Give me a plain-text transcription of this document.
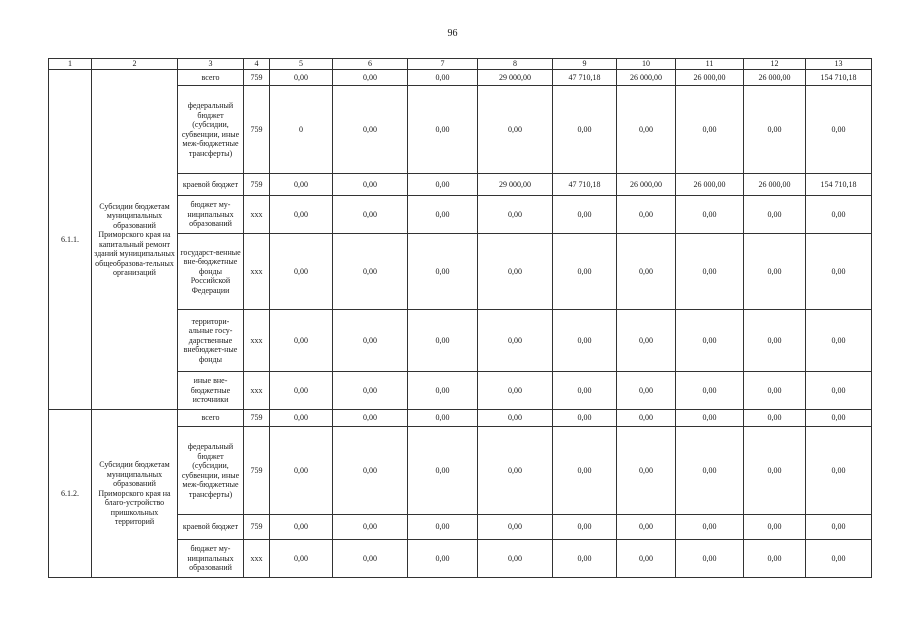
96
1	2	3	4	5	6	7	8	9	10	11	12	13
6.1.1.	Субсидии бюджетам муниципальных образований Приморского края на капитальный ремонт зданий муниципальных общеобразова-тельных организаций	всего	759	0,00	0,00	0,00	29 000,00	47 710,18	26 000,00	26 000,00	26 000,00	154 710,18
		федеральный бюджет (субсидии, субвенции, иные меж-бюджетные трансферты)	759	0	0,00	0,00	0,00	0,00	0,00	0,00	0,00	0,00
		краевой бюджет	759	0,00	0,00	0,00	29 000,00	47 710,18	26 000,00	26 000,00	26 000,00	154 710,18
		бюджет му-ниципальных образований	ххх	0,00	0,00	0,00	0,00	0,00	0,00	0,00	0,00	0,00
		государст-венные вне-бюджетные фонды Российской Федерации	ххх	0,00	0,00	0,00	0,00	0,00	0,00	0,00	0,00	0,00
		территори-альные госу-дарственные внебюджет-ные фонды	ххх	0,00	0,00	0,00	0,00	0,00	0,00	0,00	0,00	0,00
		иные вне-бюджетные источники	ххх	0,00	0,00	0,00	0,00	0,00	0,00	0,00	0,00	0,00
6.1.2.	Субсидии бюджетам муниципальных образований Приморского края на благо-устройство пришкольных территорий	всего	759	0,00	0,00	0,00	0,00	0,00	0,00	0,00	0,00	0,00
		федеральный бюджет (субсидии, субвенции, иные меж-бюджетные трансферты)	759	0,00	0,00	0,00	0,00	0,00	0,00	0,00	0,00	0,00
		краевой бюджет	759	0,00	0,00	0,00	0,00	0,00	0,00	0,00	0,00	0,00
		бюджет му-ниципальных образований	ххх	0,00	0,00	0,00	0,00	0,00	0,00	0,00	0,00	0,00
